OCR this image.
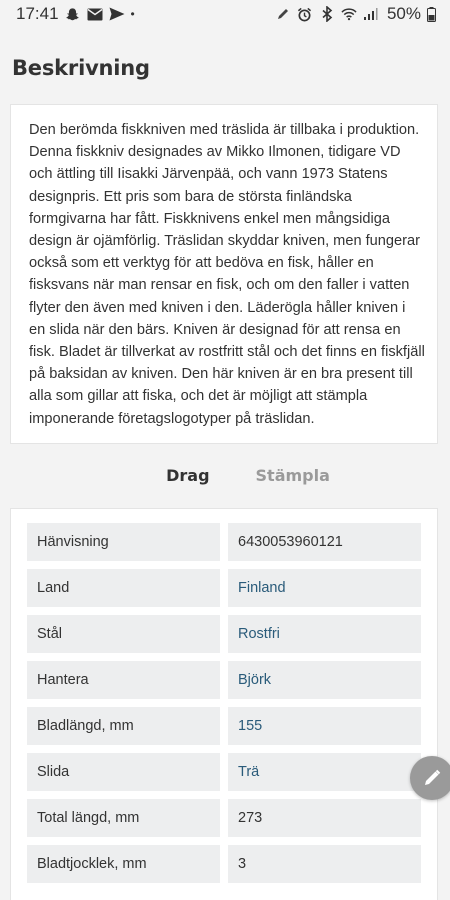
17:41	•	50%
Beskrivning

Den berömda fiskkniven med träslida är tillbaka i produktion. Denna fiskkniv designades av Mikko Ilmonen, tidigare VD och ättling till Iisakki Järvenpää, och vann 1973 Statens designpris. Ett pris som bara de största finländska formgivarna har fått. Fiskknivens enkel men mångsidiga design är ojämförlig. Träslidan skyddar kniven, men fungerar också som ett verktyg för att bedöva en fisk, håller en fisksvans när man rensar en fisk, och om den faller i vatten flyter den även med kniven i den. Läderögla håller kniven i en slida när den bärs. Kniven är designad för att rensa en fisk. Bladet är tillverkat av rostfritt stål och det finns en fiskfjäll på baksidan av kniven. Den här kniven är en bra present till alla som gillar att fiska, och det är möjligt att stämpla imponerande företagslogotyper på träslidan.

Drag	Stämpla
Hänvisning	6430053960121
Land	Finland
Stål	Rostfri
Hantera	Björk
Bladlängd, mm	155
Slida	Trä
Total längd, mm	273
Bladtjocklek, mm	3
